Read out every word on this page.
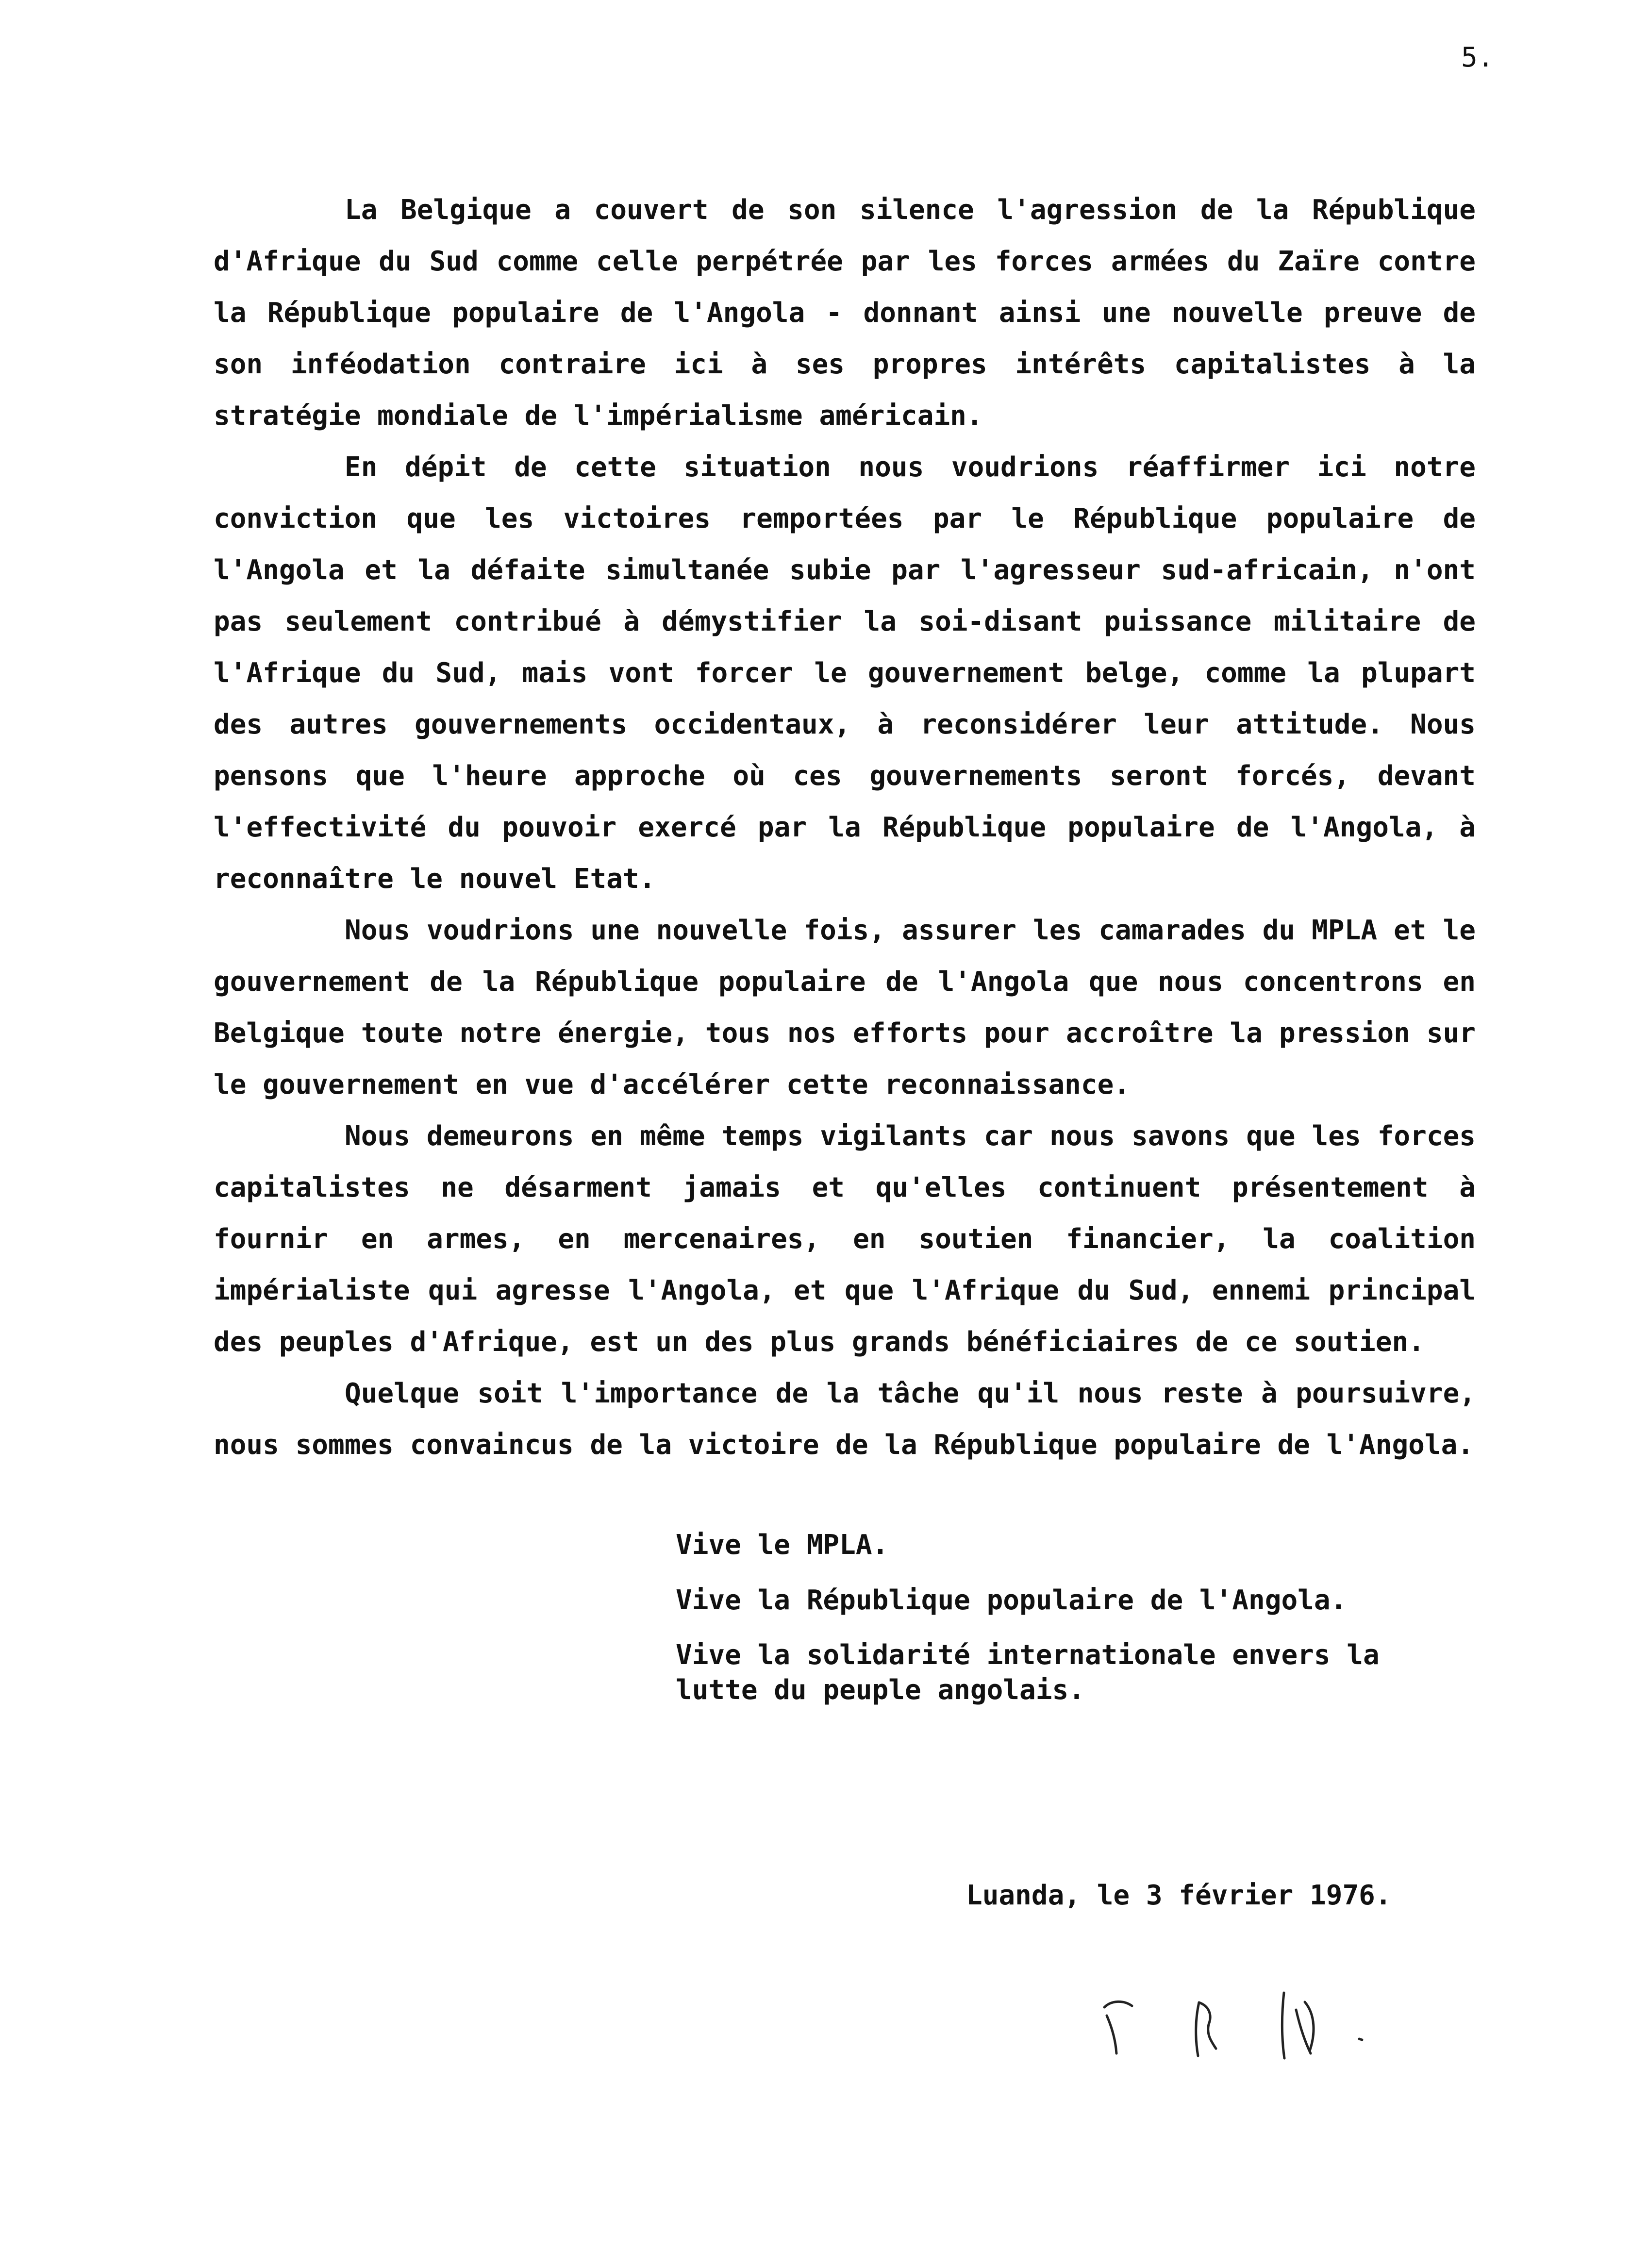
5.

La Belgique a couvert de son silence l'agression de la République d'Afrique du Sud comme celle perpétrée par les forces armées du Zaïre contre la République populaire de l'Angola - donnant ainsi une nouvelle preuve de son inféodation contraire ici à ses propres intérêts capitalistes à la stratégie mondiale de l'impérialisme américain.

En dépit de cette situation nous voudrions réaffirmer ici notre conviction que les victoires remportées par le République populaire de l'Angola et la défaite simultanée subie par l'agresseur sud-africain, n'ont pas seulement contribué à démystifier la soi-disant puissance militaire de l'Afrique du Sud, mais vont forcer le gouvernement belge, comme la plupart des autres gouvernements occidentaux, à reconsidérer leur attitude. Nous pensons que l'heure approche où ces gouvernements seront forcés, devant l'effectivité du pouvoir exercé par la République populaire de l'Angola, à reconnaître le nouvel Etat.

Nous voudrions une nouvelle fois, assurer les camarades du MPLA et le gouvernement de la République populaire de l'Angola que nous concentrons en Belgique toute notre énergie, tous nos efforts pour accroître la pression sur le gouvernement en vue d'accélérer cette reconnaissance.

Nous demeurons en même temps vigilants car nous savons que les forces capitalistes ne désarment jamais et qu'elles continuent présentement à fournir en armes, en mercenaires, en soutien financier, la coalition impérialiste qui agresse l'Angola, et que l'Afrique du Sud, ennemi principal des peuples d'Afrique, est un des plus grands bénéficiaires de ce soutien.

Quelque soit l'importance de la tâche qu'il nous reste à poursuivre, nous sommes convaincus de la victoire de la République populaire de l'Angola.

Vive le MPLA.
Vive la République populaire de l'Angola.
Vive la solidarité internationale envers la lutte du peuple angolais.
Luanda, le 3 février 1976.
